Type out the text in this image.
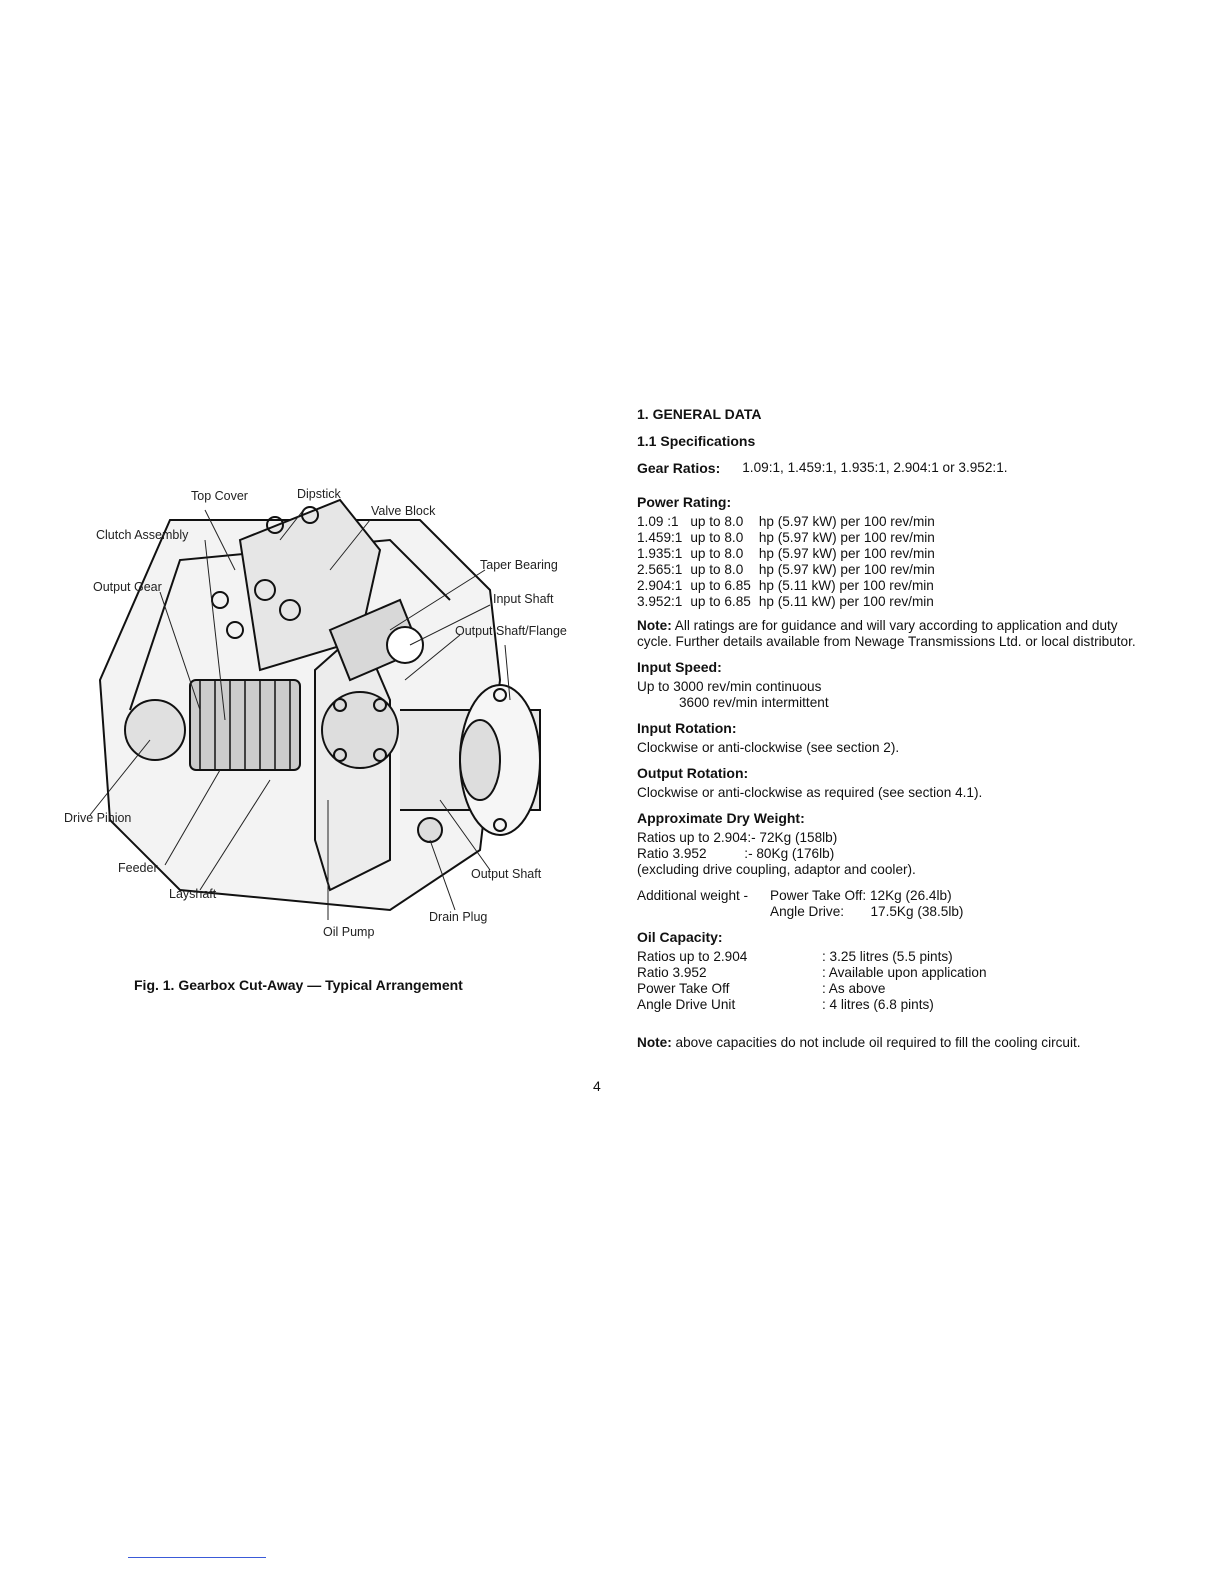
Top Cover	Dipstick
Valve Block
Clutch Assembly
Output Gear
Taper Bearing
Input Shaft
Output Shaft/Flange
Drive Pinion
Feeder
Layshaft
Output Shaft
Drain Plug
Oil Pump
Fig. 1. Gearbox Cut-Away — Typical Arrangement
4
1. GENERAL DATA
1.1 Specifications
Gear Ratios: 1.09:1, 1.459:1, 1.935:1, 2.904:1 or 3.952:1.
Power Rating:
1.09 :1	up to 8.0	hp (5.97 kW) per 100 rev/min
1.459:1	up to 8.0	hp (5.97 kW) per 100 rev/min
1.935:1	up to 8.0	hp (5.97 kW) per 100 rev/min
2.565:1	up to 8.0	hp (5.97 kW) per 100 rev/min
2.904:1	up to 6.85	hp (5.11 kW) per 100 rev/min
3.952:1	up to 6.85	hp (5.11 kW) per 100 rev/min

Note: All ratings are for guidance and will vary according to application and duty cycle. Further details available from Newage Transmissions Ltd. or local distributor.

Input Speed:

Up to 3000 rev/min continuous

3600 rev/min intermittent

Input Rotation:

Clockwise or anti-clockwise (see section 2).

Output Rotation:

Clockwise or anti-clockwise as required (see section 4.1).

Approximate Dry Weight:

Ratios up to 2.904:- 72Kg (158lb)

Ratio 3.952          :- 80Kg (176lb)

(excluding drive coupling, adaptor and cooler).

Additional weight -	Power Take Off: 12Kg (26.4lb)
Angle Drive:       17.5Kg (38.5lb)
Oil Capacity:
Ratios up to 2.904	: 3.25 litres (5.5 pints)
Ratio 3.952	: Available upon application
Power Take Off	: As above
Angle Drive Unit	: 4 litres (6.8 pints)

Note: above capacities do not include oil required to fill the cooling circuit.
